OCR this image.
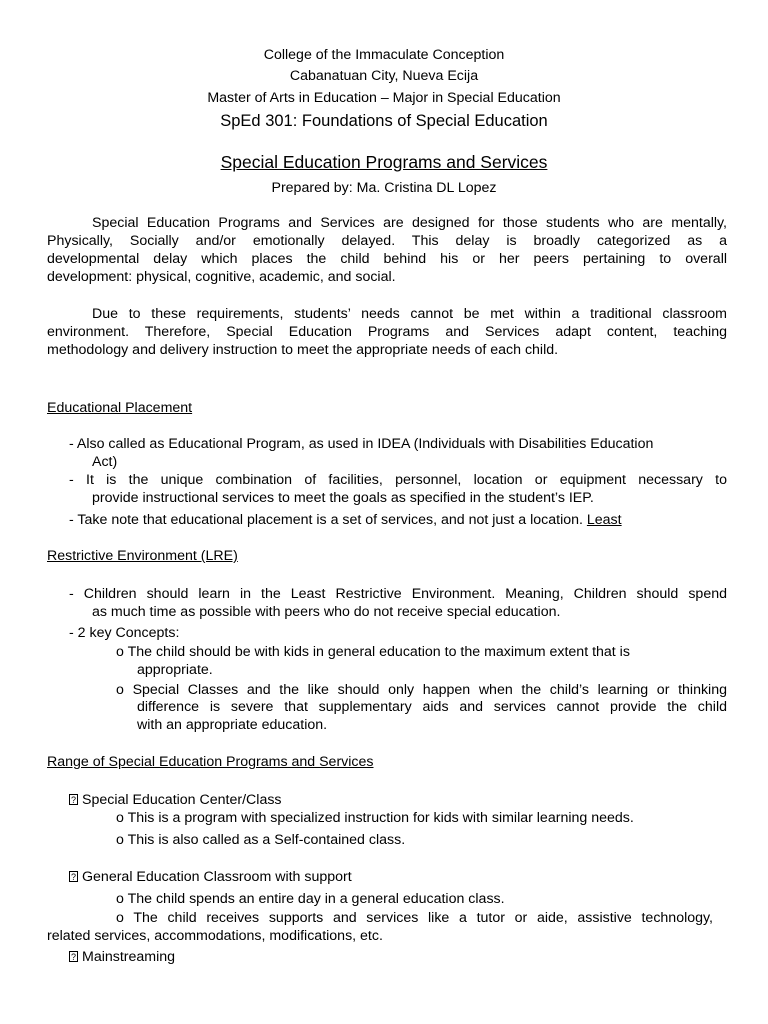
College of the Immaculate Conception
Cabanatuan City, Nueva Ecija
Master of Arts in Education – Major in Special Education
SpEd 301: Foundations of Special Education
Special Education Programs and Services
Prepared by: Ma. Cristina DL Lopez
Special Education Programs and Services are designed for those students who are mentally,
Physically, Socially and/or emotionally delayed. This delay is broadly categorized as a
developmental delay which places the child behind his or her peers pertaining to overall
development: physical, cognitive, academic, and social.
Due to these requirements, students’ needs cannot be met within a traditional classroom
environment. Therefore, Special Education Programs and Services adapt content, teaching
methodology and delivery instruction to meet the appropriate needs of each child.
Educational Placement
- Also called as Educational Program, as used in IDEA (Individuals with Disabilities Education
Act)
- It is the unique combination of facilities, personnel, location or equipment necessary to
provide instructional services to meet the goals as specified in the student’s IEP.
- Take note that educational placement is a set of services, and not just a location. Least
Restrictive Environment (LRE)
- Children should learn in the Least Restrictive Environment. Meaning, Children should spend
as much time as possible with peers who do not receive special education.
- 2 key Concepts:
o The child should be with kids in general education to the maximum extent that is
appropriate.
o Special Classes and the like should only happen when the child’s learning or thinking
difference is severe that supplementary aids and services cannot provide the child
with an appropriate education.
Range of Special Education Programs and Services
?Special Education Center/Class
o This is a program with specialized instruction for kids with similar learning needs.
o This is also called as a Self-contained class.
?General Education Classroom with support
o The child spends an entire day in a general education class.
o The child receives supports and services like a tutor or aide, assistive technology,
related services, accommodations, modifications, etc.
?Mainstreaming
